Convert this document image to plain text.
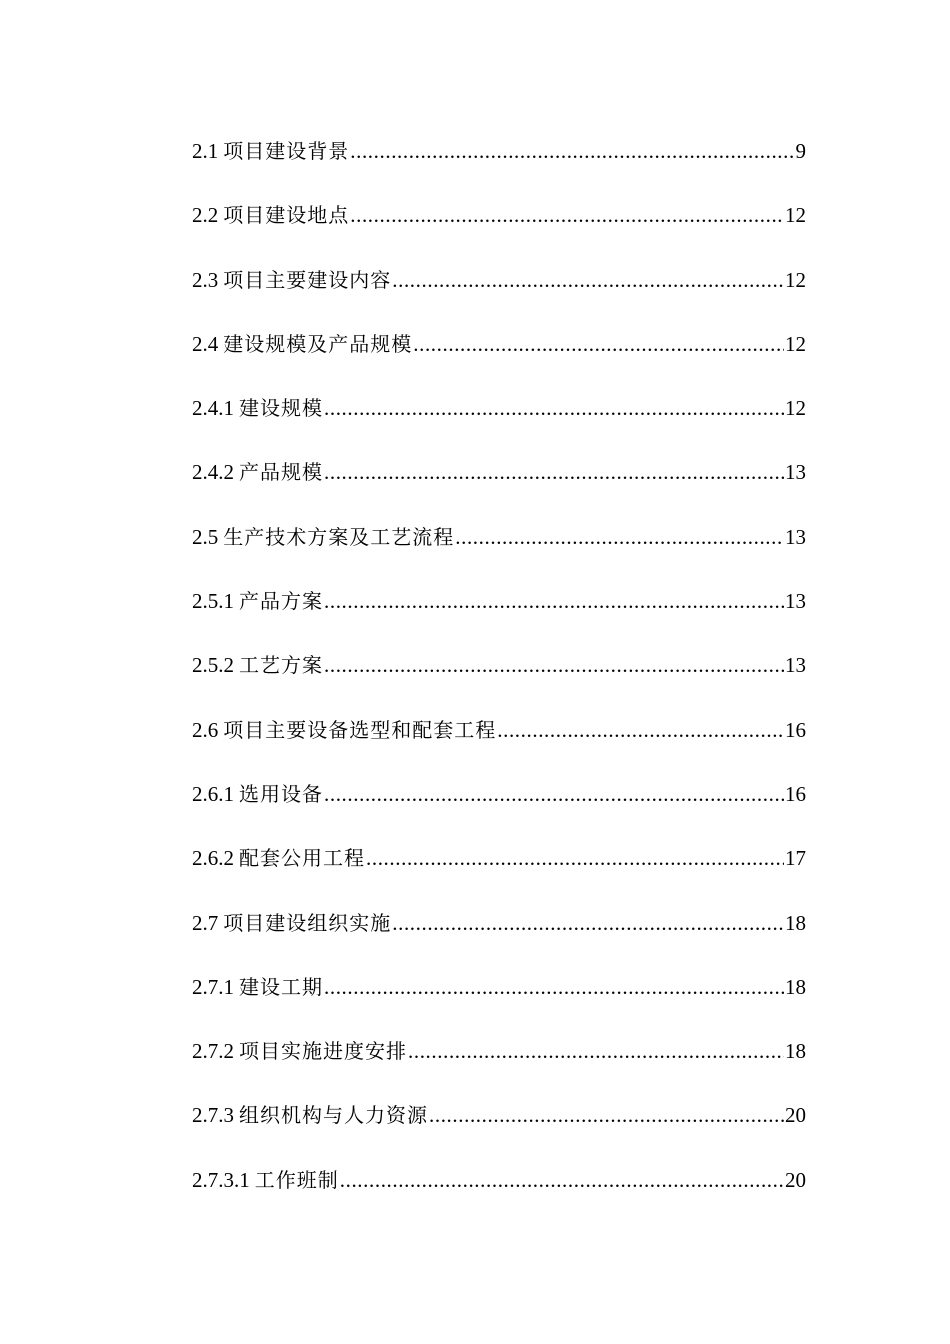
2.1 项目建设背景 .....	9
2.2 项目建设地点 .....	12
2.3 项目主要建设内容 .....	12
2.4 建设规模及产品规模 .....	12
2.4.1 建设规模 .....	12
2.4.2 产品规模 .....	13
2.5 生产技术方案及工艺流程 .....	13
2.5.1 产品方案 .....	13
2.5.2 工艺方案 .....	13
2.6 项目主要设备选型和配套工程 .....	16
2.6.1 选用设备 .....	16
2.6.2 配套公用工程 .....	17
2.7 项目建设组织实施 .....	18
2.7.1 建设工期 .....	18
2.7.2 项目实施进度安排 .....	18
2.7.3 组织机构与人力资源 .....	20
2.7.3.1 工作班制 .....	20
